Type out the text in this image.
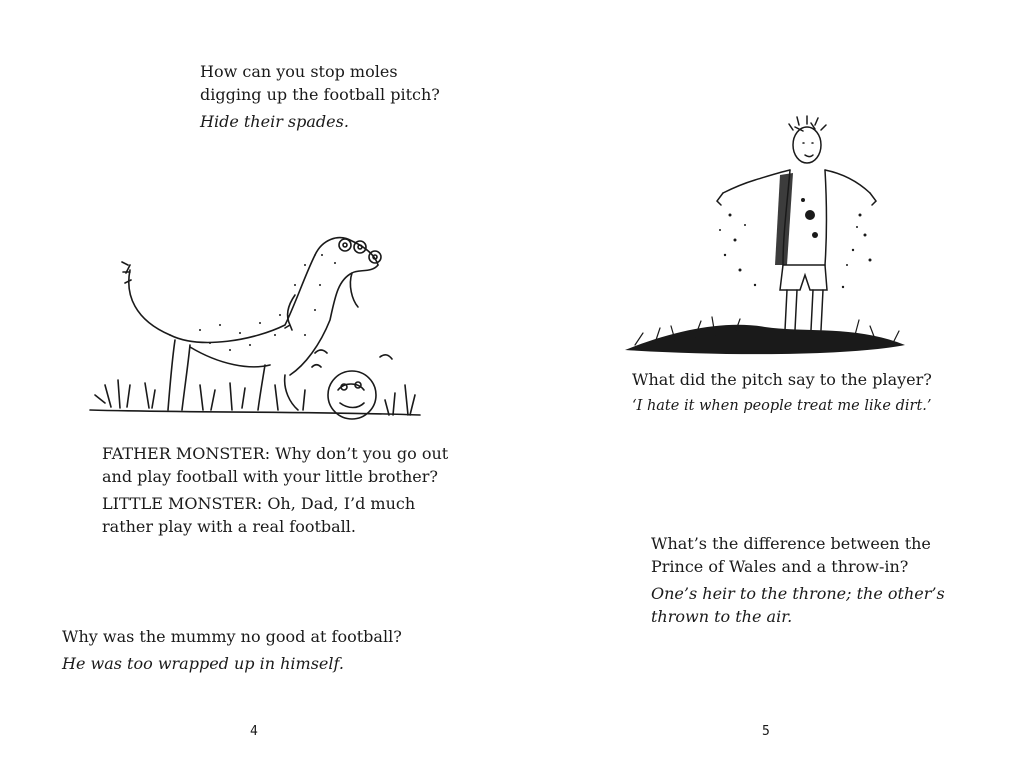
How can you stop moles digging up the football pitch?

Hide their spades.

FATHER MONSTER: Why don’t you go out and play football with your little brother?

LITTLE MONSTER: Oh, Dad, I’d much rather play with a real football.

Why was the mummy no good at football?

He was too wrapped up in himself.

4

What did the pitch say to the player?

‘I hate it when people treat me like dirt.’

What’s the difference between the Prince of Wales and a throw-in?

One’s heir to the throne; the other’s thrown to the air.

5
